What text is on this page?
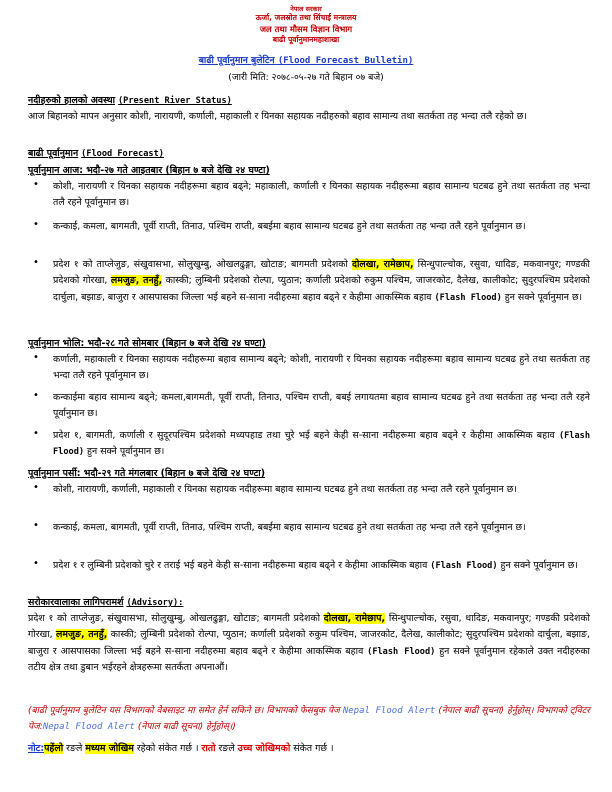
नेपाल सरकार
ऊर्जा, जलस्रोत तथा सिंचाई मन्त्रालय
जल तथा मौसम विज्ञान विभाग
बाढी पूर्वानुमानमहाशाखा
बाढी पूर्वानुमान बुलेटिन (Flood Forecast Bulletin)
(जारी मिति: २०७८-०५-२७ गते बिहान ०७ बजे)
नदीहरुको हालको अवस्था (Present River Status)
आज बिहानको मापन अनुसार कोशी, नारायणी, कर्णाली, महाकाली र यिनका सहायक नदीहरुको बहाव सामान्य तथा सतर्कता तह भन्दा तलै रहेको छ।
बाढी पूर्वानुमान (Flood Forecast)
पूर्वानुमान आज: भदौ-२७ गते आइतबार (बिहान ७ बजे देखि २४ घण्टा)
• कोशी, नारायणी र यिनका सहायक नदीहरूमा बहाव बढ्ने; महाकाली, कर्णाली र यिनका सहायक नदीहरूमा बहाव सामान्य घटबढ हुने तथा सतर्कता तह भन्दा तलै रहने पूर्वानुमान छ।
• कन्काई, कमला, बागमती, पूर्वी राप्ती, तिनाउ, पश्चिम राप्ती, बबईमा बहाव सामान्य घटबढ हुने तथा सतर्कता तह भन्दा तलै रहने पूर्वानुमान छ।
• प्रदेश १ को ताप्लेजुङ, संखुवासभा, सोलुखुम्बु, ओखलढुङ्गा, खोटाङ; बागमती प्रदेशको दोलखा, रामेछाप, सिन्धुपाल्चोक, रसुवा, धादिङ, मकवानपुर; गण्डकी प्रदेशको गोरखा, लमजुङ, तनहुँ, कास्की; लुम्बिनी प्रदेशको रोल्पा, प्युठान; कर्णाली प्रदेशको रुकुम पश्चिम, जाजरकोट, दैलेख, कालीकोट; सुदुरपश्चिम प्रदेशको दार्चुला, बझाङ, बाजुरा र आसपासका जिल्ला भई बहने स-साना नदीहरुमा बहाव बढ्ने र केहीमा आकस्मिक बहाव (Flash Flood) हुन सक्ने पूर्वानुमान छ।
पूर्वानुमान भोलि: भदौ-२८ गते सोमबार (बिहान ७ बजे देखि २४ घण्टा)
• कर्णाली, महाकाली र यिनका सहायक नदीहरूमा बहाव सामान्य बढ्ने; कोशी, नारायणी र यिनका सहायक नदीहरूमा बहाव सामान्य घटबढ हुने तथा सतर्कता तह भन्दा तलै रहने पूर्वानुमान छ।
• कन्काईमा बहाव सामान्य बढ्ने; कमला,बागमती, पूर्वी राप्ती, तिनाउ, पश्चिम राप्ती, बबई लगायतमा बहाव सामान्य घटबढ हुने तथा सतर्कता तह भन्दा तलै रहने पूर्वानुमान छ।
• प्रदेश १, बागमती, कर्णाली र सुदूरपश्चिम प्रदेशको मध्यपहाड तथा चुरे भई बहने केही स-साना नदीहरूमा बहाव बढ्ने र केहीमा आकस्मिक बहाव (Flash Flood) हुन सक्ने पूर्वानुमान छ।
पूर्वानुमान पर्सी: भदौ-२९ गते मंगलबार (बिहान ७ बजे देखि २४ घण्टा)
• कोशी, नारायणी, कर्णाली, महाकाली र यिनका सहायक नदीहरूमा बहाव सामान्य घटबढ हुने तथा सतर्कता तह भन्दा तलै रहने पूर्वानुमान छ।
• कन्काई, कमला, बागमती, पूर्वी राप्ती, तिनाउ, पश्चिम राप्ती, बबईमा बहाव सामान्य घटबढ हुने तथा सतर्कता तह भन्दा तलै रहने पूर्वानुमान छ।
• प्रदेश १ र लुम्बिनी प्रदेशको चुरे र तराई भई बहने केही स-साना नदीहरूमा बहाव बढ्ने र केहीमा आकस्मिक बहाव (Flash Flood) हुन सक्ने पूर्वानुमान छ।
सरोकारवालाका लागिपरामर्श (Advisory):
प्रदेश १ को ताप्लेजुङ, संखुवासभा, सोलुखुम्बु, ओखलढुङ्गा, खोटाङ; बागमती प्रदेशको दोलखा, रामेछाप, सिन्धुपाल्चोक, रसुवा, धादिङ, मकवानपुर; गण्डकी प्रदेशको गोरखा, लमजुङ, तनहुँ, कास्की; लुम्बिनी प्रदेशको रोल्पा, प्युठान; कर्णाली प्रदेशको रुकुम पश्चिम, जाजरकोट, दैलेख, कालीकोट; सुदुरपश्चिम प्रदेशको दार्चुला, बझाङ, बाजुरा र आसपासका जिल्ला भई बहने स-साना नदीहरुमा बहाव बढ्ने र केहीमा आकस्मिक बहाव (Flash Flood) हुन सक्ने पूर्वानुमान रहेकाले उक्त नदीहरुका तटीय क्षेत्र तथा डुबान भईरहने क्षेत्रहरूमा सतर्कता अपनाऔं।
(बाढी पूर्वानुमान बुलेटिन यस विभागको वेबसाइट मा समेत हेर्न सकिने छ। विभागको फेसबुक पेज Nepal Flood Alert (नेपाल बाढी सूचना) हेर्नुहोस्। विभागको ट्विटर पेज:Nepal Flood Alert (नेपाल बाढी सूचना) हेर्नुहोस्।)
नोट:पहेंलो रङले मध्यम जोखिम रहेको संकेत गर्छ । रातो रङले उच्च जोखिमको संकेत गर्छ ।
